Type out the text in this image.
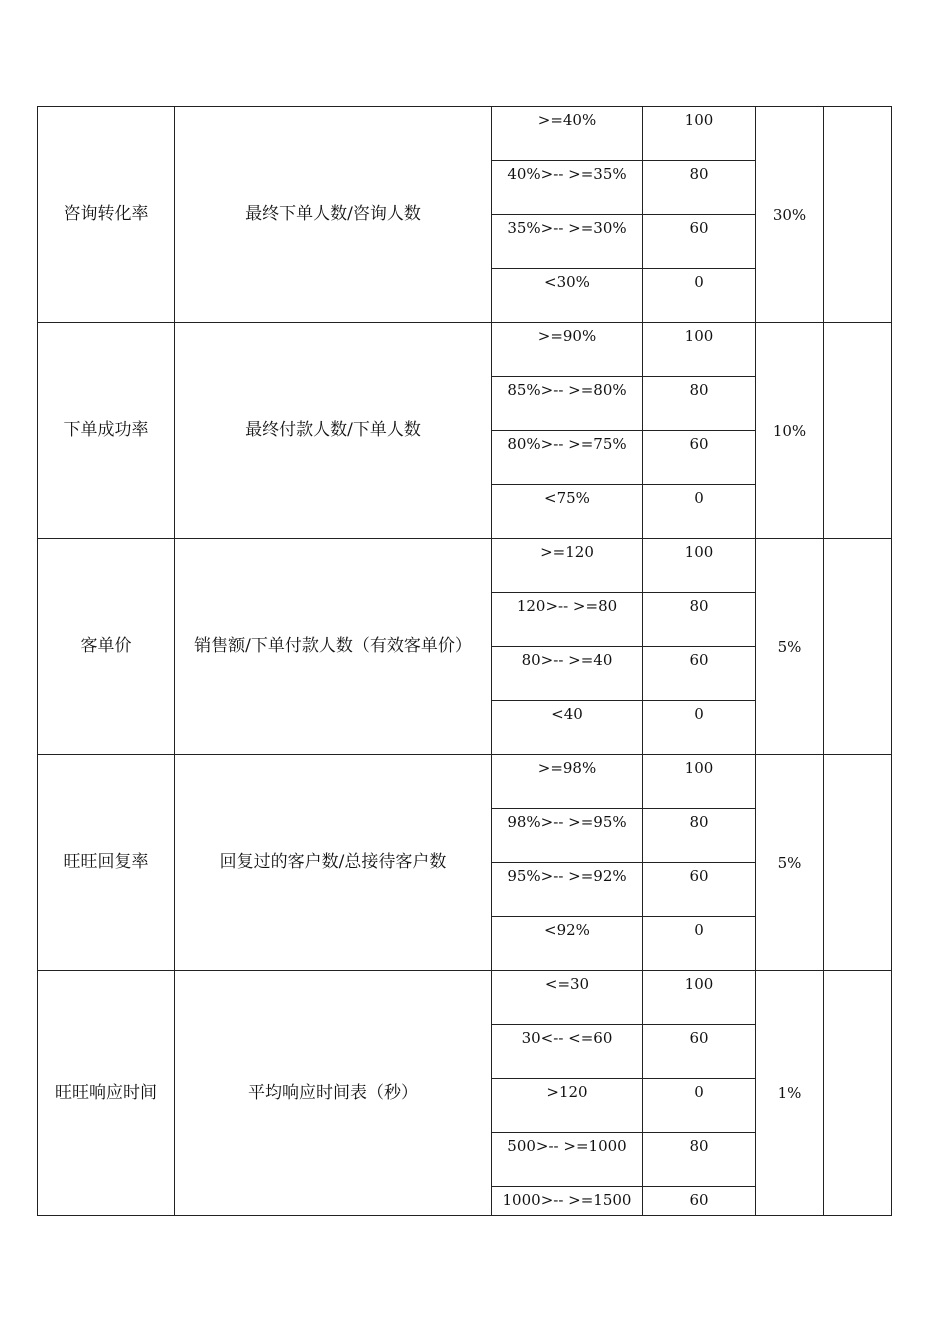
咨询转化率	最终下单人数/咨询人数	>=40%	100	30%	
		40%>-- >=35%	80		
		35%>-- >=30%	60		
		<30%	0		
下单成功率	最终付款人数/下单人数	>=90%	100	10%	
		85%>-- >=80%	80		
		80%>-- >=75%	60		
		<75%	0		
客单价	销售额/下单付款人数（有效客单价）	>=120	100	5%	
		120>-- >=80	80		
		80>-- >=40	60		
		<40	0		
旺旺回复率	回复过的客户数/总接待客户数	>=98%	100	5%	
		98%>-- >=95%	80		
		95%>-- >=92%	60		
		<92%	0		
旺旺响应时间	平均响应时间表（秒）	<=30	100	1%	
		30<-- <=60	60		
		>120	0		
		500>-- >=1000	80		
		1000>-- >=1500	60		
